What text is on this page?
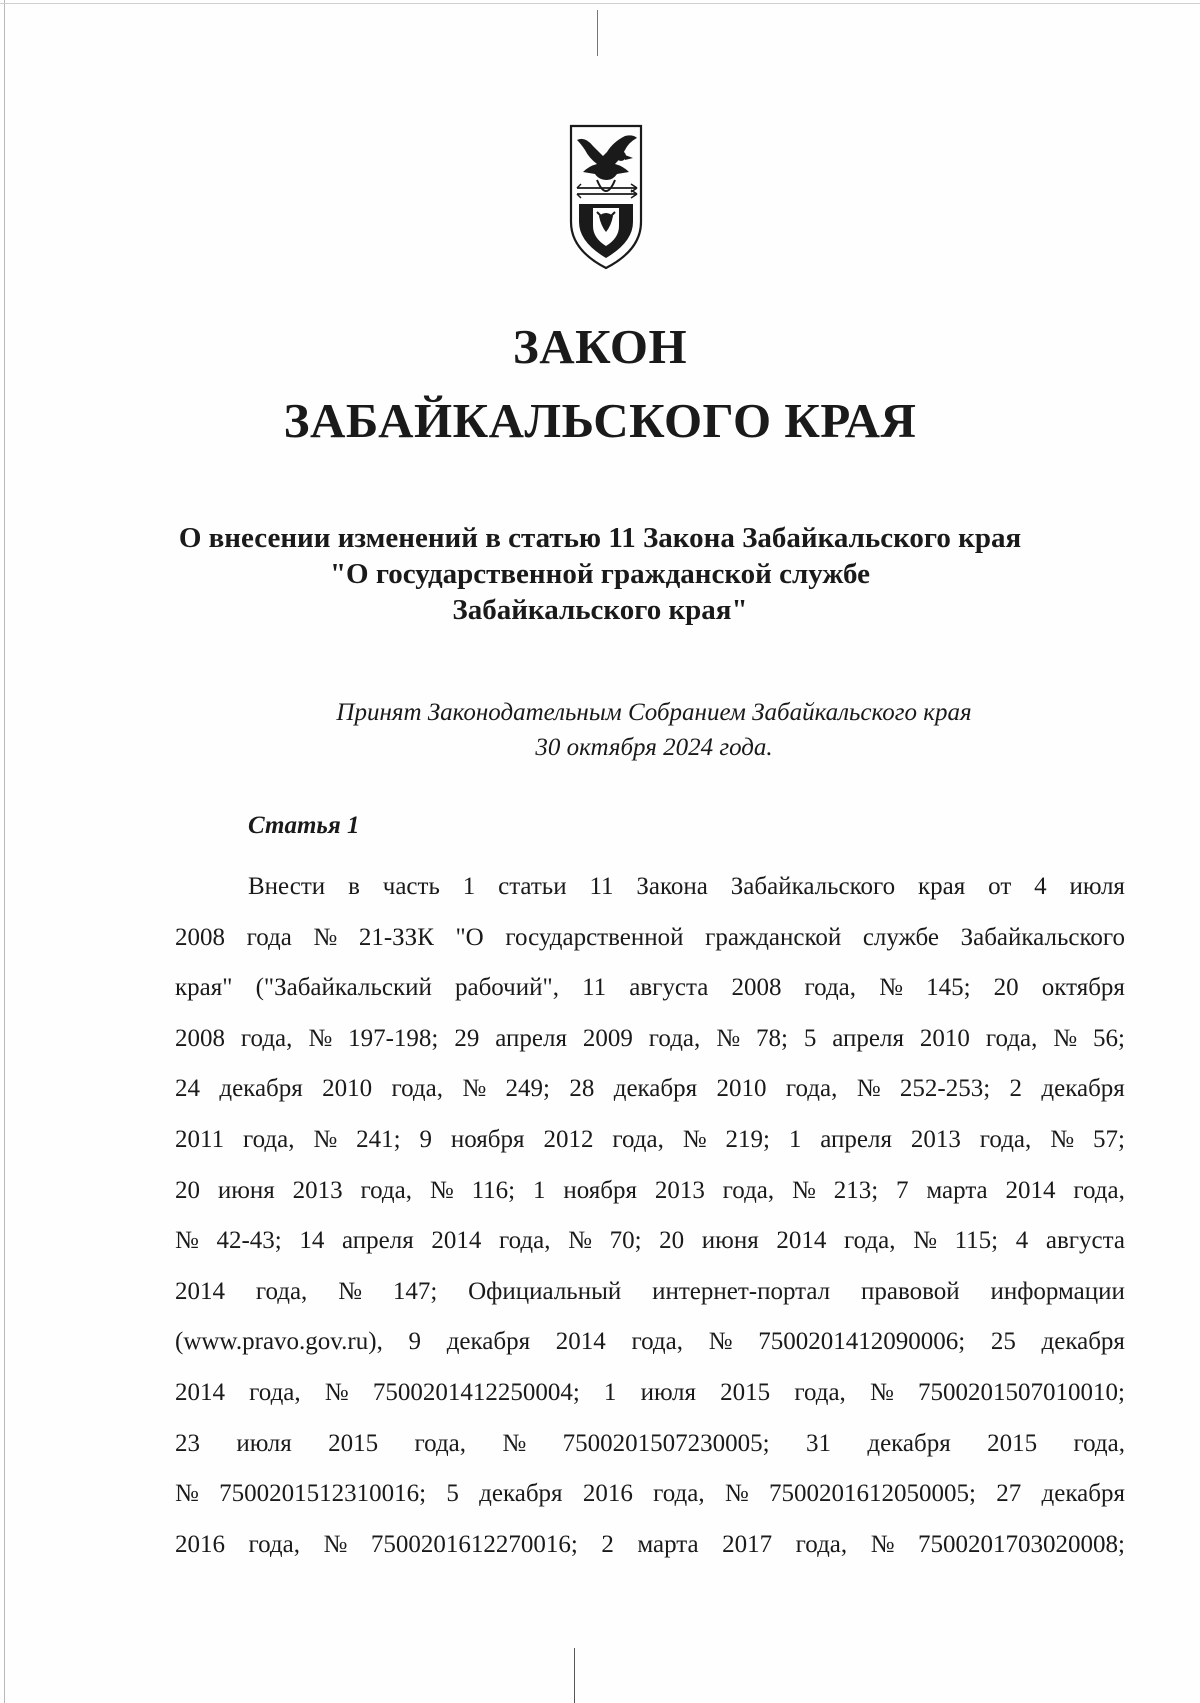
ЗАКОН
ЗАБАЙКАЛЬСКОГО КРАЯ
О внесении изменений в статью 11 Закона Забайкальского края
"О государственной гражданской службе
Забайкальского края"
Принят Законодательным Собранием Забайкальского края
30 октября 2024 года.
Статья 1
Внести в часть 1 статьи 11 Закона Забайкальского края от 4 июля
2008 года № 21-ЗЗК "О государственной гражданской службе Забайкальского
края" ("Забайкальский рабочий", 11 августа 2008 года, № 145; 20 октября
2008 года, № 197-198; 29 апреля 2009 года, № 78; 5 апреля 2010 года, № 56;
24 декабря 2010 года, № 249; 28 декабря 2010 года, № 252-253; 2 декабря
2011 года, № 241; 9 ноября 2012 года, № 219; 1 апреля 2013 года, № 57;
20 июня 2013 года, № 116; 1 ноября 2013 года, № 213; 7 марта 2014 года,
№ 42-43; 14 апреля 2014 года, № 70; 20 июня 2014 года, № 115; 4 августа
2014 года, № 147; Официальный интернет-портал правовой информации
(www.pravo.gov.ru), 9 декабря 2014 года, № 7500201412090006; 25 декабря
2014 года, № 7500201412250004; 1 июля 2015 года, № 7500201507010010;
23 июля 2015 года, № 7500201507230005; 31 декабря 2015 года,
№ 7500201512310016; 5 декабря 2016 года, № 7500201612050005; 27 декабря
2016 года, № 7500201612270016; 2 марта 2017 года, № 7500201703020008;
